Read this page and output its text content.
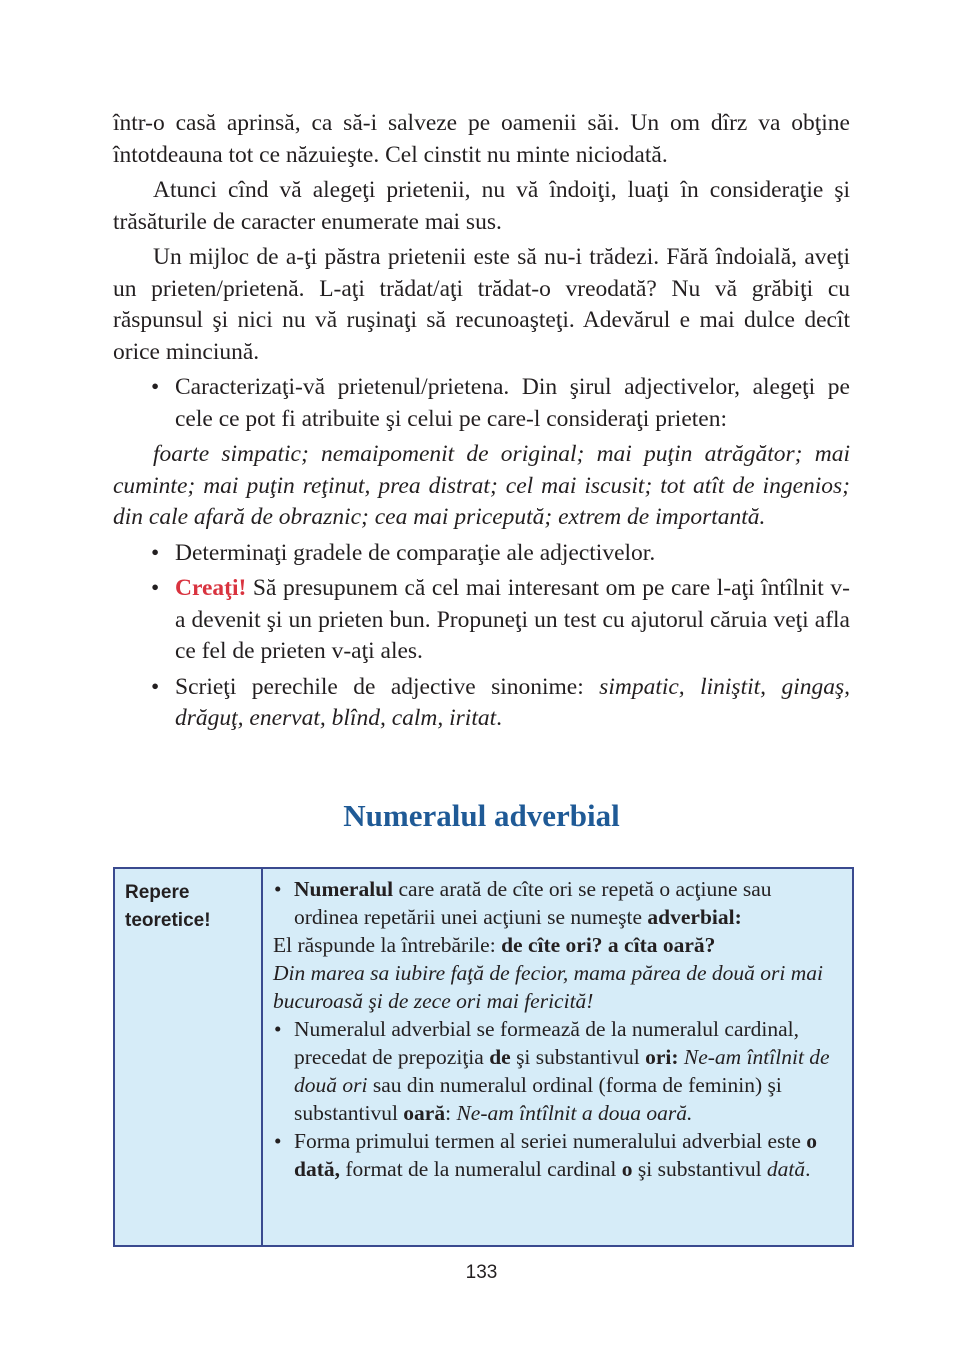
într-o casă aprinsă, ca să-i salveze pe oamenii săi. Un om dîrz va obţine întotdeauna tot ce năzuieşte. Cel cinstit nu minte niciodată.

Atunci cînd vă alegeţi prietenii, nu vă îndoiţi, luaţi în consideraţie şi trăsăturile de caracter enumerate mai sus.

Un mijloc de a-ţi păstra prietenii este să nu-i trădezi. Fără îndoială, aveţi un prieten/prietenă. L-aţi trădat/aţi trădat-o vreodată? Nu vă grăbiţi cu răspunsul şi nici nu vă ruşinaţi să recunoaşteţi. Adevărul e mai dulce decît orice minciună.

• Caracterizaţi-vă prietenul/prietena. Din şirul adjectivelor, alegeţi pe cele ce pot fi atribuite şi celui pe care-l consideraţi prieten:

foarte simpatic; nemaipomenit de original; mai puţin atrăgător; mai cuminte; mai puţin reţinut, prea distrat; cel mai iscusit; tot atît de ingenios; din cale afară de obraznic; cea mai pricepută; extrem de importantă.

• Determinaţi gradele de comparaţie ale adjectivelor.
• Creaţi! Să presupunem că cel mai interesant om pe care l-aţi întîlnit v-a devenit şi un prieten bun. Propuneţi un test cu ajutorul căruia veţi afla ce fel de prieten v-aţi ales.
• Scrieţi perechile de adjective sinonime: simpatic, liniştit, gingaş, drăguţ, enervat, blînd, calm, iritat.
Numeralul adverbial
Repere teoretice!
• Numeralul care arată de cîte ori se repetă o acţiune sau ordinea repetării unei acţiuni se numeşte adverbial:
El răspunde la întrebările: de cîte ori? a cîta oară?
Din marea sa iubire faţă de fecior, mama părea de două ori mai bucuroasă şi de zece ori mai fericită!
• Numeralul adverbial se formează de la numeralul cardinal, precedat de prepoziţia de şi substantivul ori: Ne-am întîlnit de două ori sau din numeralul ordinal (forma de feminin) şi substantivul oară: Ne-am întîlnit a doua oară.
• Forma primului termen al seriei numeralului adverbial este o dată, format de la numeralul cardinal o şi substantivul dată.
133
